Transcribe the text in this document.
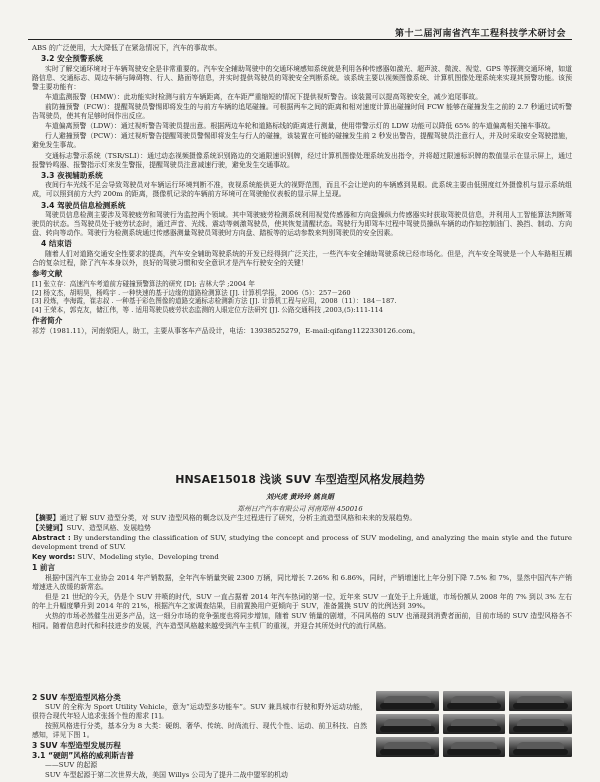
第十二届河南省汽车工程科技学术研讨会

ABS 的广泛使用，大大降低了在紧急情况下，汽车的事故率。

3.2 安全预警系统

实时了解交通环境对于车辆驾驶安全是非常重要的。汽车安全辅助驾驶中的交通环境感知系统就是利用各种传感器如激光、超声波、微波、视觉、GPS 等探测交通环境，如道路信息、交通标志、周边车辆与障碍物、行人、路面等信息，并实时提供驾驶员的驾驶安全判断系统。该系统主要以视频图像系统、计算机图像处理系统来实现其预警功能。该预警主要功能有：

车道监测报警（HMW）：此功能实时检测与前方车辆距离，在车距严重缩短的情况下提供视听警告。该装置可以提高驾驶安全，减少追尾事故。

前防撞预警（FCW）：提醒驾驶员警惕即将发生的与前方车辆的追尾碰撞。可根据两车之间的距离和相对速度计算出碰撞时间 FCW 能够在碰撞发生之前的 2.7 秒通过试听警告驾驶员，使其有足够时间作出反应。

车道偏离预警（LDW）：通过视听警告驾驶员提出意。根据两边车轮和道路标线的距离进行测量，使用带警示灯的 LDW 功能可以降低 65% 的车道偏离相关撞车事故。

行人避撞预警（PCW）：通过视听警告提醒驾驶员警惕即将发生与行人的碰撞，该装置在可能的碰撞发生前 2 秒发出警告，提醒驾驶员注意行人，并及时采取安全驾驶措施，避免发生事故。

交通标志警示系统（TSR/SLI）：通过动态视频摄像系统识别路边的交通限速识别牌，经过计算机图像处理系统发出指令，并将超过限速标识牌的数值显示在显示屏上，通过报警铃鸣器、报警指示灯来发生警报，提醒驾驶员注意减速行驶，避免发生交通事故。

3.3 夜视辅助系统

夜间行车光线不足会导致驾驶员对车辆运行环境判断不准，夜视系统能供更大的视野范围，而且不会让逆向的车辆感到晃眼。此系统主要由低照度红外摄像机与显示系统组成，可以照到前方大约 200m 的距离，摄像机记录的车辆前方环境可在驾驶舱仪表板的显示屏上呈现。

3.4 驾驶员信息检测系统

驾驶员信息检测主要涉及驾驶疲劳和驾驶行为监控两个领域。其中驾驶疲劳检测系统利用视觉传感器和方向盘操纵力传感器实时获取驾驶员信息，并利用人工智能算法判断驾驶员的状态。当驾驶员处于疲劳状态时，通过声音、光线、震动等刺激驾驶员，使其恢复清醒状态。驾驶行为即驾车过程中驾驶员操纵车辆的动作如控制油门、换挡、制动、方向盘、转向等动作。驾驶行为检测系统通过传感器测量驾驶员驾驶时方向盘、踏板等的运动参数来判别驾驶员的安全因素。

4 结束语

随着人们对道路交通安全性要求的提高，汽车安全辅助驾驶系统的开发已经得到广泛关注，一些汽车安全辅助驾驶系统已经市场化。但是，汽车安全驾驶是一个人车路相互耦合的复杂过程，除了汽车本身以外，良好的驾驶习惯和安全意识才是汽车行驶安全的关键！

参考文献

[1] 张立存：高速汽车考道前方碰撞预警算法的研究 [D]; 吉林大学 ;2004 年

[2] 杨文杰，胡明昊，杨鸣宇 . 一种快速的基于边缘的道路检测算法 [J]. 计算机学报，2006（5）：257－260

[3] 段炼，李海霞，崔志叔 . 一种基于彩色图像的道路交通标志检测新方法 [J]. 计算机工程与应用，2008（11）：184－187.

[4] 王荣本，郭克友，储江伟，等 . 适用驾驶员疲劳状态监测的人眼定位方法研究 [J]. 公路交通科技 ,2003,(5):111-114

作者简介

祁芳（1981.11），河南荥阳人，助工，主要从事客车产品设计，电话：13938525279，E-mail:qifang1122330126.com。

HNSAE15018 浅谈 SUV 车型造型风格发展趋势
刘兴虎 黄玲玲 姚良娟
郑州日产汽车有限公司 河南郑州 450016

【摘要】通过了解 SUV 造型分类，对 SUV 造型风格的概念以及产生过程进行了研究，分析主流造型风格和未来的发展趋势。

【关键词】SUV、造型风格、发展趋势

Abstract : By understanding the classification of SUV, studying the concept and process of SUV modeling, and analyzing the main style and the future development trend of SUV.

Key words: SUV、Modeling style、Developing trend

1 前言

根据中国汽车工业协会 2014 年产销数据，全年汽车销量突破 2300 万辆，同比增长 7.26% 和 6.86%，同时，产销增速比上年分别下降 7.5% 和 7%，显然中国汽车产销增速进入放缓的新常态。

但是 21 世纪的今天，仍是个 SUV 井喷的时代，SUV 一直占据着 2014 年汽车热词的第一位，近年来 SUV 一直处于上升通道，市场份额从 2008 年的 7% 到以 3% 左右的年上升幅度攀升到 2014 年的 21%，根据汽车之家调查结果，目前置换用户更倾向于 SUV，准备置换 SUV 的比例达到 39%。

火热的市场必然催生出更多产品，这一细分市场的竞争强度也将同步增加，随着 SUV 销量的剧增，不同风格的 SUV 也涌现到消费者面前，目前市场的 SUV 造型风格各不相同。随着信息时代和科技进步的发展，汽车造型风格越来越受到汽车主机厂的重视，并迎合其所处时代的流行风格。

2 SUV 车型造型风格分类

SUV 的全称为 Sport Utility Vehicle，意为“运动型多功能车”。SUV 兼具城市行驶和野外运动功能，很符合现代年轻人追求张扬个性的需求 [1]。

按照风格进行分类，基本分为 8 大类：硬朗、奢华、传统、时尚流行、现代个性、运动、前卫科技、自然感知，详见下图 1。

3 SUV 车型造型发展历程
3.1 “硬朗”风格的威利斯吉普

——SUV 的起源

SUV 车型起源于第二次世界大战，美国 Willys 公司为了提升二战中盟军的机动
